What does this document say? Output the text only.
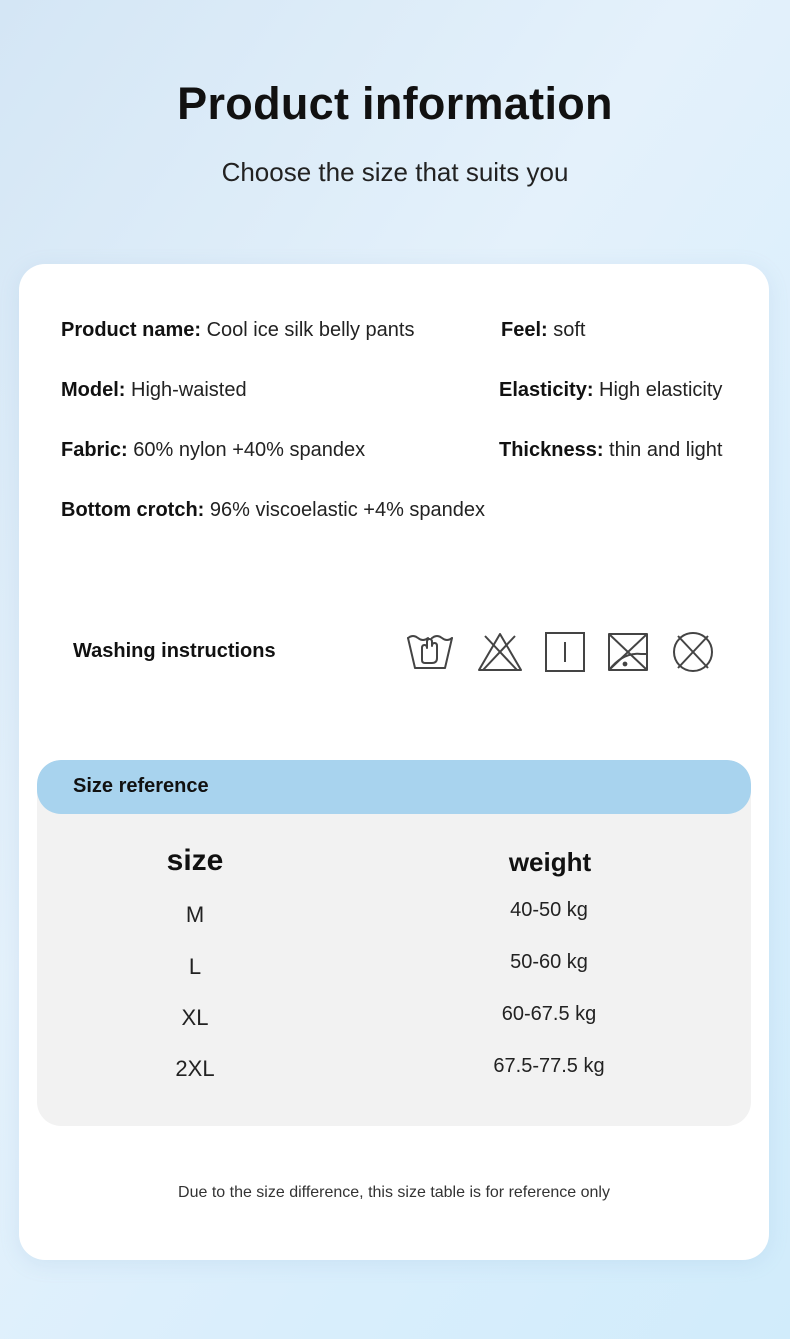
Product information
Choose the size that suits you
Product name: Cool ice silk belly pants	Feel: soft
Model: High-waisted	Elasticity: High elasticity
Fabric: 60% nylon +40% spandex	Thickness: thin and light
Bottom crotch: 96% viscoelastic +4% spandex
Washing instructions
Size reference
size	weight
M	40-50 kg
L	50-60 kg
XL	60-67.5 kg
2XL	67.5-77.5 kg
Due to the size difference, this size table is for reference only
